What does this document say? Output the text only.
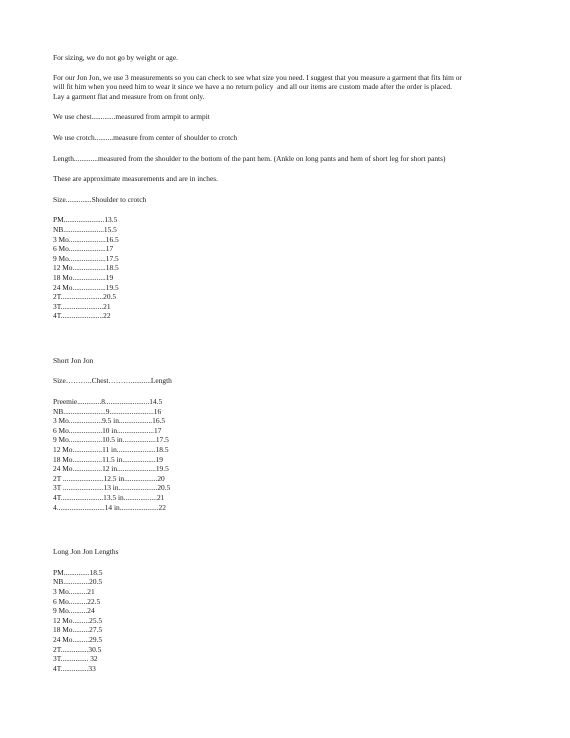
For sizing, we do not go by weight or age.

For our Jon Jon, we use 3 measurements so you can check to see what size you need. I suggest that you measure a garment that fits him or
will fit him when you need him to wear it since we have a no return policy  and all our items are custom made after the order is placed.
Lay a garment flat and measure from on front only.

We use chest.............measured from armpit to armpit

We use crotch..........measure from center of shoulder to crotch

Length.............measured from the shoulder to the bottom of the pant hem. (Ankle on long pants and hem of short leg for short pants)

These are approximate measurements and are in inches.

Size..............Shoulder to crotch

PM......................13.5
NB......................15.5
3 Mo....................16.5
6 Mo....................17
9 Mo....................17.5
12 Mo..................18.5
18 Mo..................19
24 Mo..................19.5
2T.......................20.5
3T.......................21
4T.......................22

Short Jon Jon

Size………..Chest………...........Length

Preemie.............8........................14.5
NB.......................9........................16
3 Mo..................9.5 in..................16.5
6 Mo..................10 in....................17
9 Mo..................10.5 in..................17.5
12 Mo................11 in.....................18.5
18 Mo................11.5 in..................19
24 Mo................12 in.....................19.5
2T ......................12.5 in..................20
3T ......................13 in.....................20.5
4T.......................13.5 in..................21
4..........................14 in.....................22

Long Jon Jon Lengths

PM..............18.5
NB..............20.5
3 Mo..........21
6 Mo..........22.5
9 Mo..........24
12 Mo.........25.5
18 Mo.........27.5
24 Mo.........29.5
2T...............30.5
3T............... 32
4T...............33
